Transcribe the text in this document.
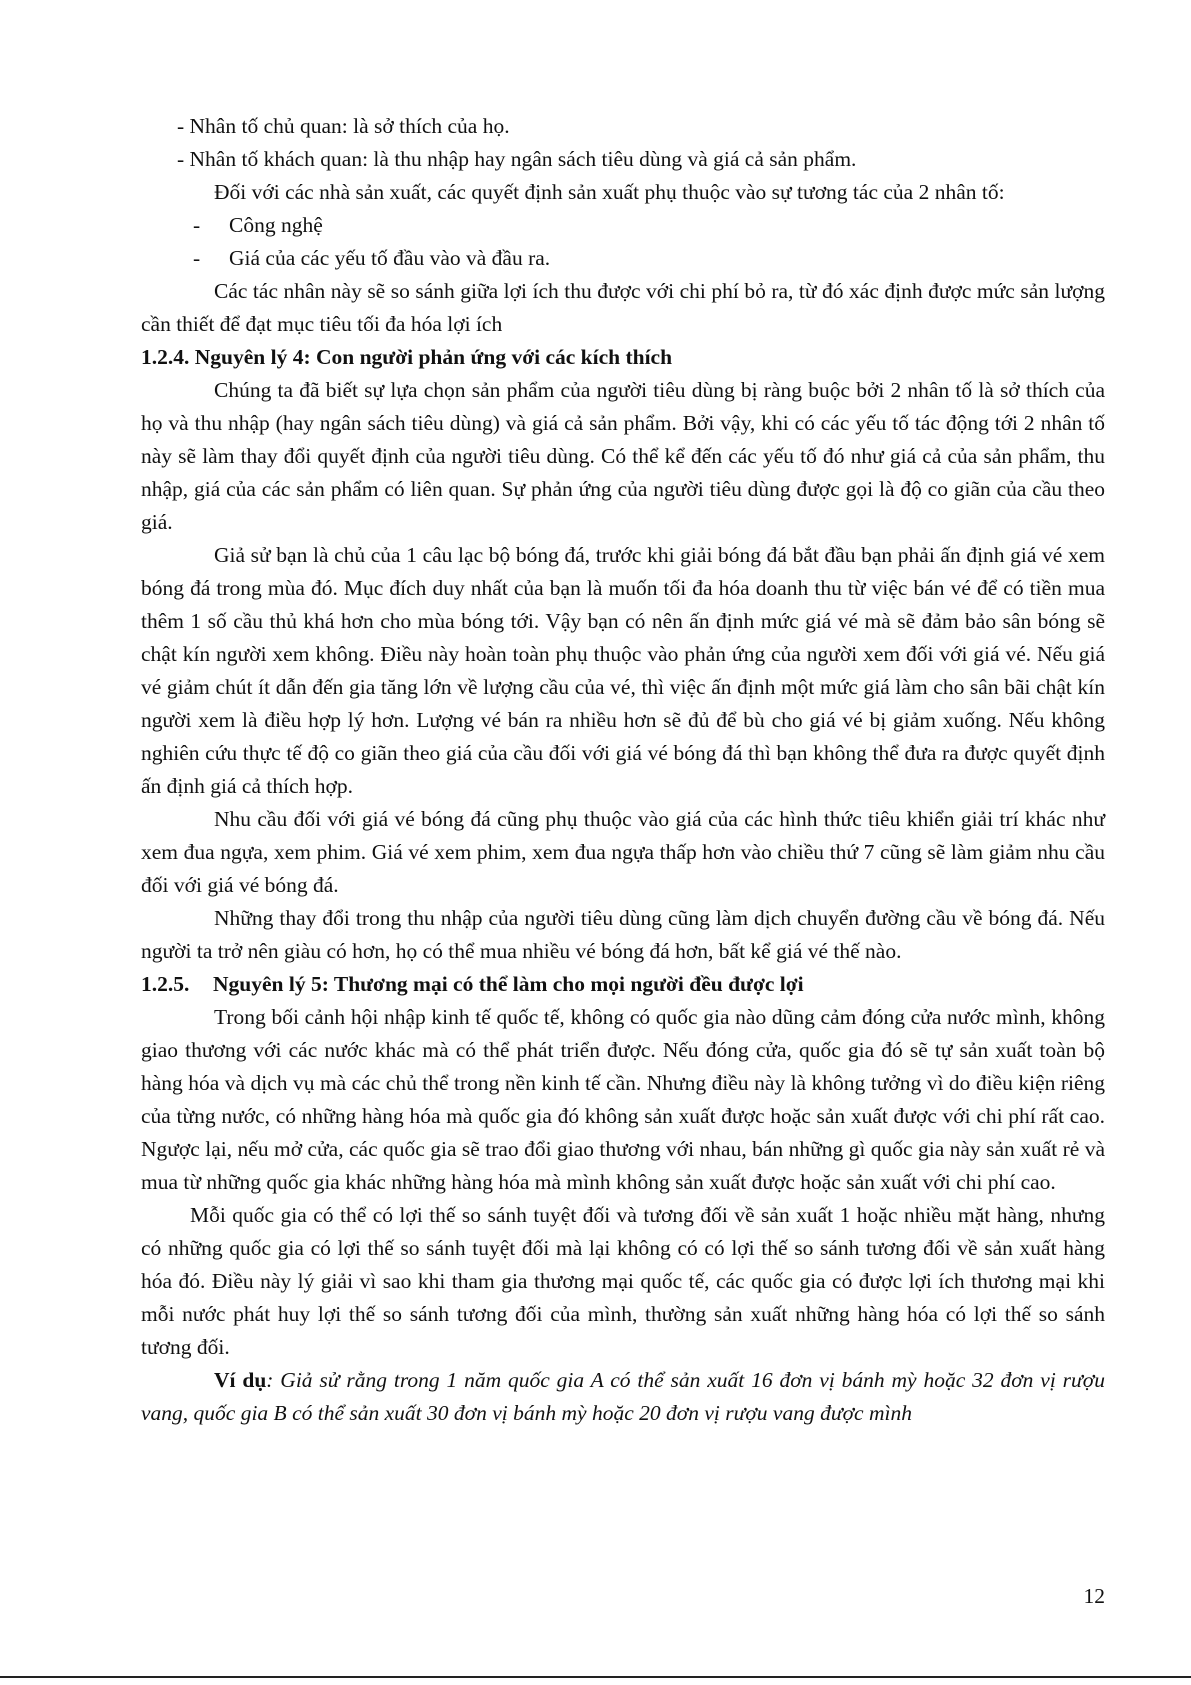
- Nhân tố chủ quan: là sở thích của họ.

- Nhân tố khách quan: là thu nhập hay ngân sách tiêu dùng và giá cả sản phẩm.

Đối với các nhà sản xuất, các quyết định sản xuất phụ thuộc vào sự tương tác của 2 nhân tố:

- Công nghệ

- Giá của các yếu tố đầu vào và đầu ra.

Các tác nhân này sẽ so sánh giữa lợi ích thu được với chi phí bỏ ra, từ đó xác định được mức sản lượng cần thiết để đạt mục tiêu tối đa hóa lợi ích

1.2.4. Nguyên lý 4: Con người phản ứng với các kích thích

Chúng ta đã biết sự lựa chọn sản phẩm của người tiêu dùng bị ràng buộc bởi 2 nhân tố là sở thích của họ và thu nhập (hay ngân sách tiêu dùng) và giá cả sản phẩm. Bởi vậy, khi có các yếu tố tác động tới 2 nhân tố này sẽ làm thay đổi quyết định của người tiêu dùng. Có thể kể đến các yếu tố đó như giá cả của sản phẩm, thu nhập, giá của các sản phẩm có liên quan. Sự phản ứng của người tiêu dùng được gọi là độ co giãn của cầu theo giá.

Giả sử bạn là chủ của 1 câu lạc bộ bóng đá, trước khi giải bóng đá bắt đầu bạn phải ấn định giá vé xem bóng đá trong mùa đó. Mục đích duy nhất của bạn là muốn tối đa hóa doanh thu từ việc bán vé để có tiền mua thêm 1 số cầu thủ khá hơn cho mùa bóng tới. Vậy bạn có nên ấn định mức giá vé mà sẽ đảm bảo sân bóng sẽ chật kín người xem không. Điều này hoàn toàn phụ thuộc vào phản ứng của người xem đối với giá vé. Nếu giá vé giảm chút ít dẫn đến gia tăng lớn về lượng cầu của vé, thì việc ấn định một mức giá làm cho sân bãi chật kín người xem là điều hợp lý hơn. Lượng vé bán ra nhiều hơn sẽ đủ để bù cho giá vé bị giảm xuống. Nếu không nghiên cứu thực tế độ co giãn theo giá của cầu đối với giá vé bóng đá thì bạn không thể đưa ra được quyết định ấn định giá cả thích hợp.

Nhu cầu đối với giá vé bóng đá cũng phụ thuộc vào giá của các hình thức tiêu khiển giải trí khác như xem đua ngựa, xem phim. Giá vé xem phim, xem đua ngựa thấp hơn vào chiều thứ 7 cũng sẽ làm giảm nhu cầu đối với giá vé bóng đá.

Những thay đổi trong thu nhập của người tiêu dùng cũng làm dịch chuyển đường cầu về bóng đá. Nếu người ta trở nên giàu có hơn, họ có thể mua nhiều vé bóng đá hơn, bất kể giá vé thế nào.

1.2.5. Nguyên lý 5: Thương mại có thể làm cho mọi người đều được lợi

Trong bối cảnh hội nhập kinh tế quốc tế, không có quốc gia nào dũng cảm đóng cửa nước mình, không giao thương với các nước khác mà có thể phát triển được. Nếu đóng cửa, quốc gia đó sẽ tự sản xuất toàn bộ hàng hóa và dịch vụ mà các chủ thể trong nền kinh tế cần. Nhưng điều này là không tưởng vì do điều kiện riêng của từng nước, có những hàng hóa mà quốc gia đó không sản xuất được hoặc sản xuất được với chi phí rất cao. Ngược lại, nếu mở cửa, các quốc gia sẽ trao đổi giao thương với nhau, bán những gì quốc gia này sản xuất rẻ và mua từ những quốc gia khác những hàng hóa mà mình không sản xuất được hoặc sản xuất với chi phí cao.

Mỗi quốc gia có thể có lợi thế so sánh tuyệt đối và tương đối về sản xuất 1 hoặc nhiều mặt hàng, nhưng có những quốc gia có lợi thế so sánh tuyệt đối mà lại không có có lợi thế so sánh tương đối về sản xuất hàng hóa đó. Điều này lý giải vì sao khi tham gia thương mại quốc tế, các quốc gia có được lợi ích thương mại khi mỗi nước phát huy lợi thế so sánh tương đối của mình, thường sản xuất những hàng hóa có lợi thế so sánh tương đối.

Ví dụ: Giả sử rằng trong 1 năm quốc gia A có thể sản xuất 16 đơn vị bánh mỳ hoặc 32 đơn vị rượu vang, quốc gia B có thể sản xuất 30 đơn vị bánh mỳ hoặc 20 đơn vị rượu vang được mình

12
